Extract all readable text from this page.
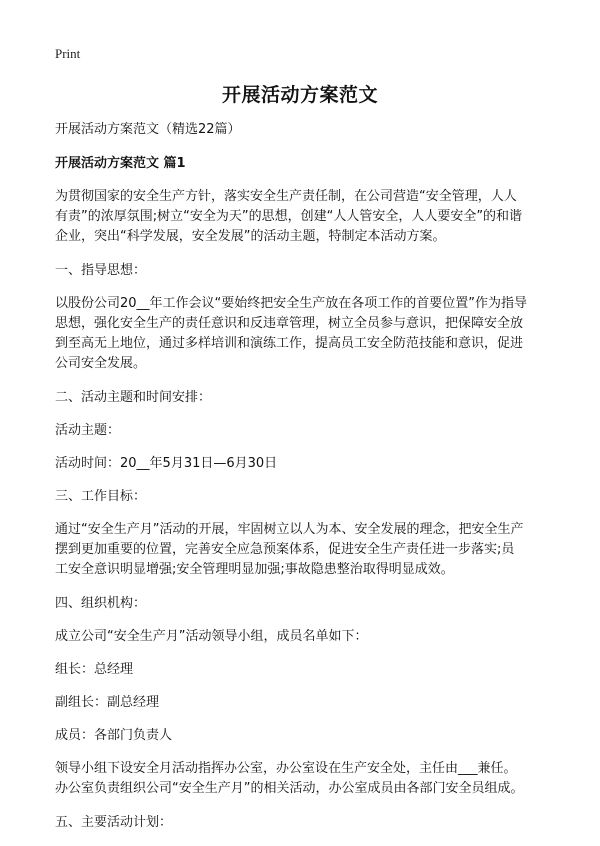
Print
开展活动方案范文

开展活动方案范文（精选22篇）

开展活动方案范文 篇1

为贯彻国家的安全生产方针，落实安全生产责任制，在公司营造“安全管理，人人
有责”的浓厚氛围;树立“安全为天”的思想，创建“人人管安全，人人要安全”的和谐
企业，突出“科学发展，安全发展”的活动主题，特制定本活动方案。

一、指导思想：

以股份公司20__年工作会议“要始终把安全生产放在各项工作的首要位置”作为指导
思想，强化安全生产的责任意识和反违章管理，树立全员参与意识，把保障安全放
到至高无上地位，通过多样培训和演练工作，提高员工安全防范技能和意识，促进
公司安全发展。

二、活动主题和时间安排：

活动主题：

活动时间：20__年5月31日—6月30日

三、工作目标：

通过“安全生产月”活动的开展，牢固树立以人为本、安全发展的理念，把安全生产
摆到更加重要的位置，完善安全应急预案体系，促进安全生产责任进一步落实;员
工安全意识明显增强;安全管理明显加强;事故隐患整治取得明显成效。

四、组织机构：

成立公司“安全生产月”活动领导小组，成员名单如下：

组长：总经理

副组长：副总经理

成员：各部门负责人

领导小组下设安全月活动指挥办公室，办公室设在生产安全处，主任由___兼任。
办公室负责组织公司“安全生产月”的相关活动，办公室成员由各部门安全员组成。

五、主要活动计划：
